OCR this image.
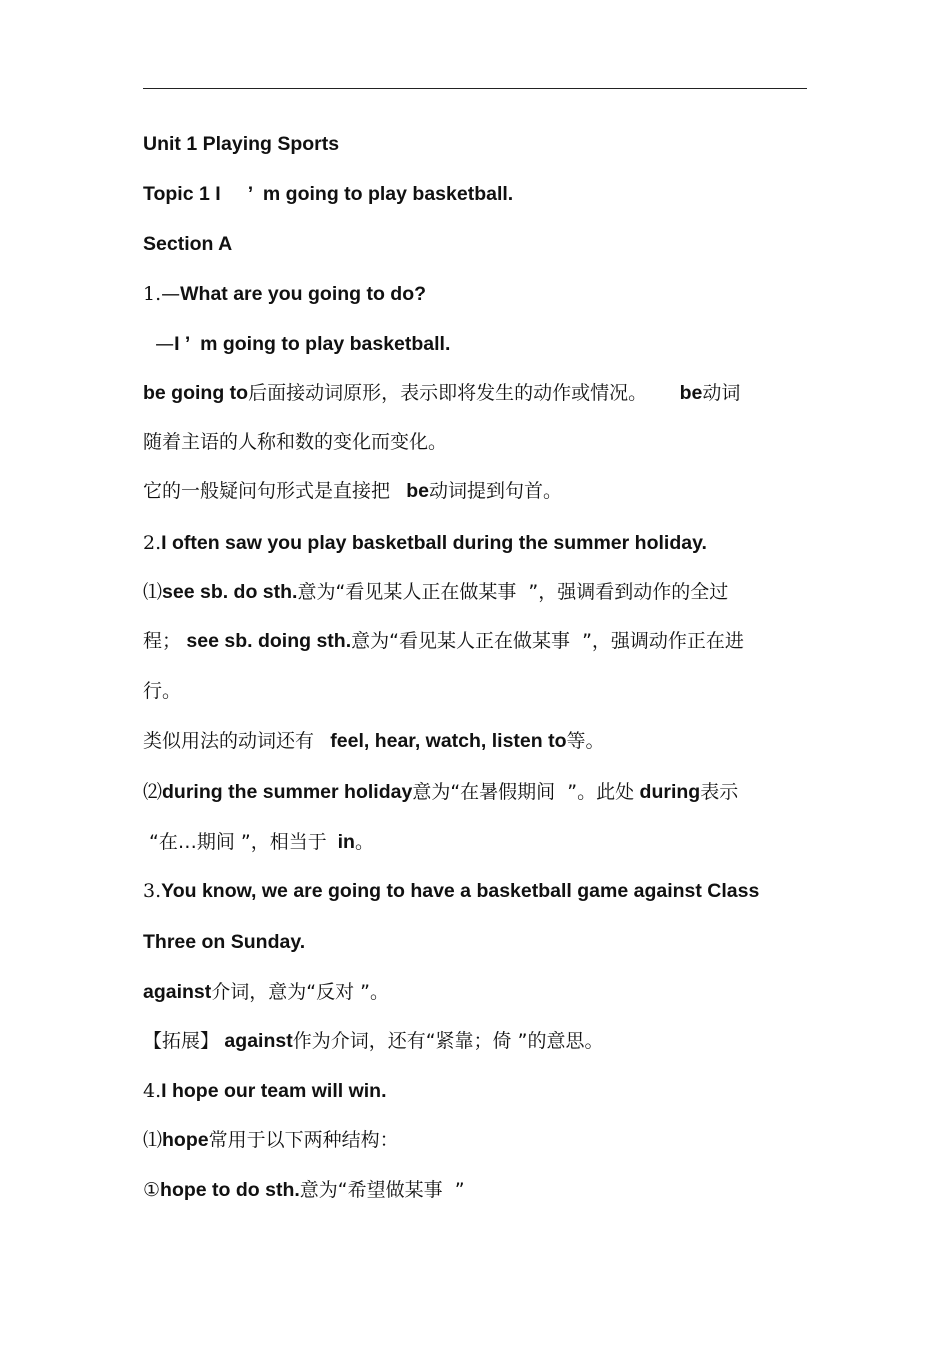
Unit 1 Playing Sports
Topic 1 I     ’  m going to play basketball.
Section A
1.—What are you going to do?
—I ’  m going to play basketball.
be going to后面接动词原形，表示即将发生的动作或情况。      be动词
随着主语的人称和数的变化而变化。
它的一般疑问句形式是直接把   be动词提到句首。
2.I often saw you play basketball during the summer holiday.
⑴see sb. do sth.意为“看见某人正在做某事  ”，强调看到动作的全过
程； see sb. doing sth.意为“看见某人正在做某事  ”，强调动作正在进
行。
类似用法的动词还有   feel, hear, watch, listen to等。
⑵during the summer holiday意为“在暑假期间  ”。此处 during表示
“在…期间 ”，相当于  in。
3.You know, we are going to have a basketball game against Class
Three on Sunday.
against介词，意为“反对 ”。
【拓展】 against作为介词，还有“紧靠；倚 ”的意思。
4.I hope our team will win.
⑴hope常用于以下两种结构：
①hope to do sth.意为“希望做某事  ”
